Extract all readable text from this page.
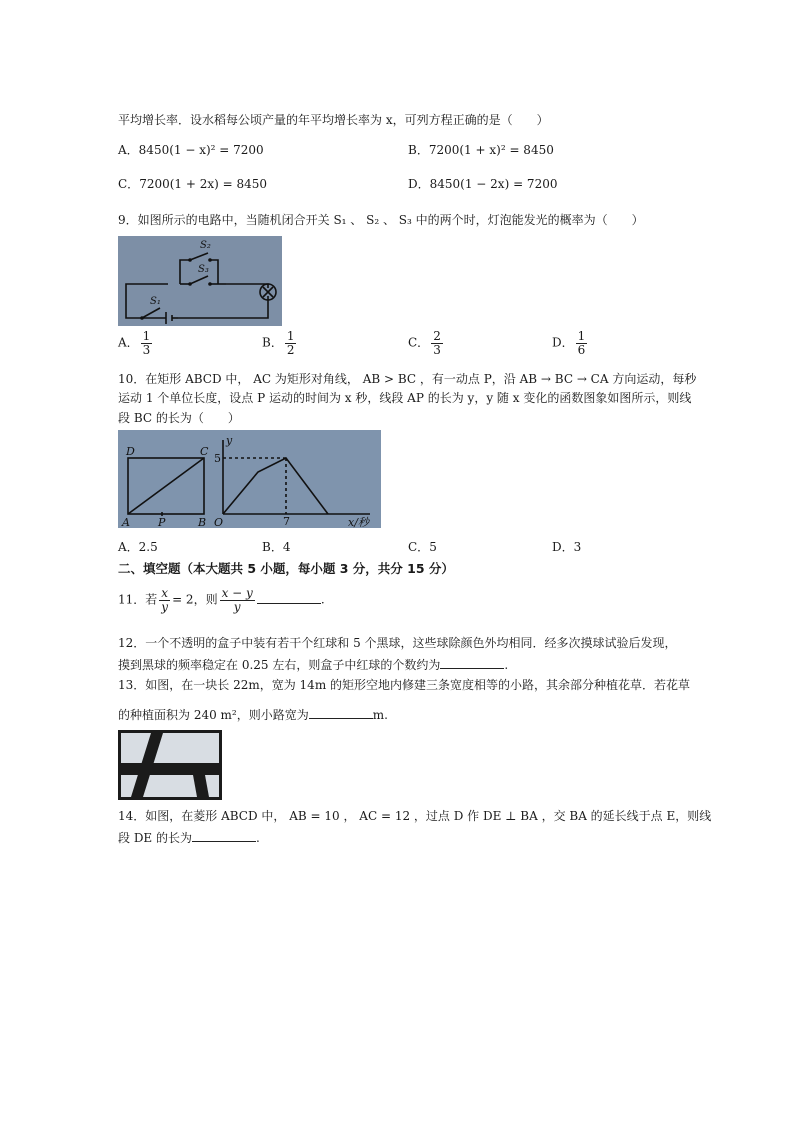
平均增长率．设水稻每公顷产量的年平均增长率为 x，可列方程正确的是（　　）
A．8450(1 − x)² = 7200	B．7200(1 + x)² = 8450
C．7200(1 + 2x) = 8450	D．8450(1 − 2x) = 7200
9．如图所示的电路中，当随机闭合开关 S₁ 、 S₂ 、 S₃ 中的两个时，灯泡能发光的概率为（　　）
S₂
S₃
S₁
A． $\frac{1}{3}$	B． $\frac{1}{2}$	C． $\frac{2}{3}$	D． $\frac{1}{6}$
10．在矩形 ABCD 中， AC 为矩形对角线， AB > BC ，有一动点 P，沿 AB → BC → CA 方向运动，每秒
运动 1 个单位长度，设点 P 运动的时间为 x 秒，线段 AP 的长为 y，y 随 x 变化的函数图象如图所示，则线
段 BC 的长为（　　）
A	B
C
D
P	O
y
x/秒
5
7
A．2.5	B．4	C．5	D．3
二、填空题（本大题共 5 小题，每小题 3 分，共分 15 分）
11．若 $\frac{x}{y} = 2$，则 $\frac{x - y}{y}$	.
12．一个不透明的盒子中装有若干个红球和 5 个黑球，这些球除颜色外均相同．经多次摸球试验后发现，
摸到黑球的频率稳定在 0.25 左右，则盒子中红球的个数约为	.
13．如图，在一块长 22m，宽为 14m 的矩形空地内修建三条宽度相等的小路，其余部分种植花草．若花草
的种植面积为 240 m²，则小路宽为	m.
14．如图，在菱形 ABCD 中， AB = 10 ， AC = 12 ，过点 D 作 DE ⊥ BA ，交 BA 的延长线于点 E，则线
段 DE 的长为	.
